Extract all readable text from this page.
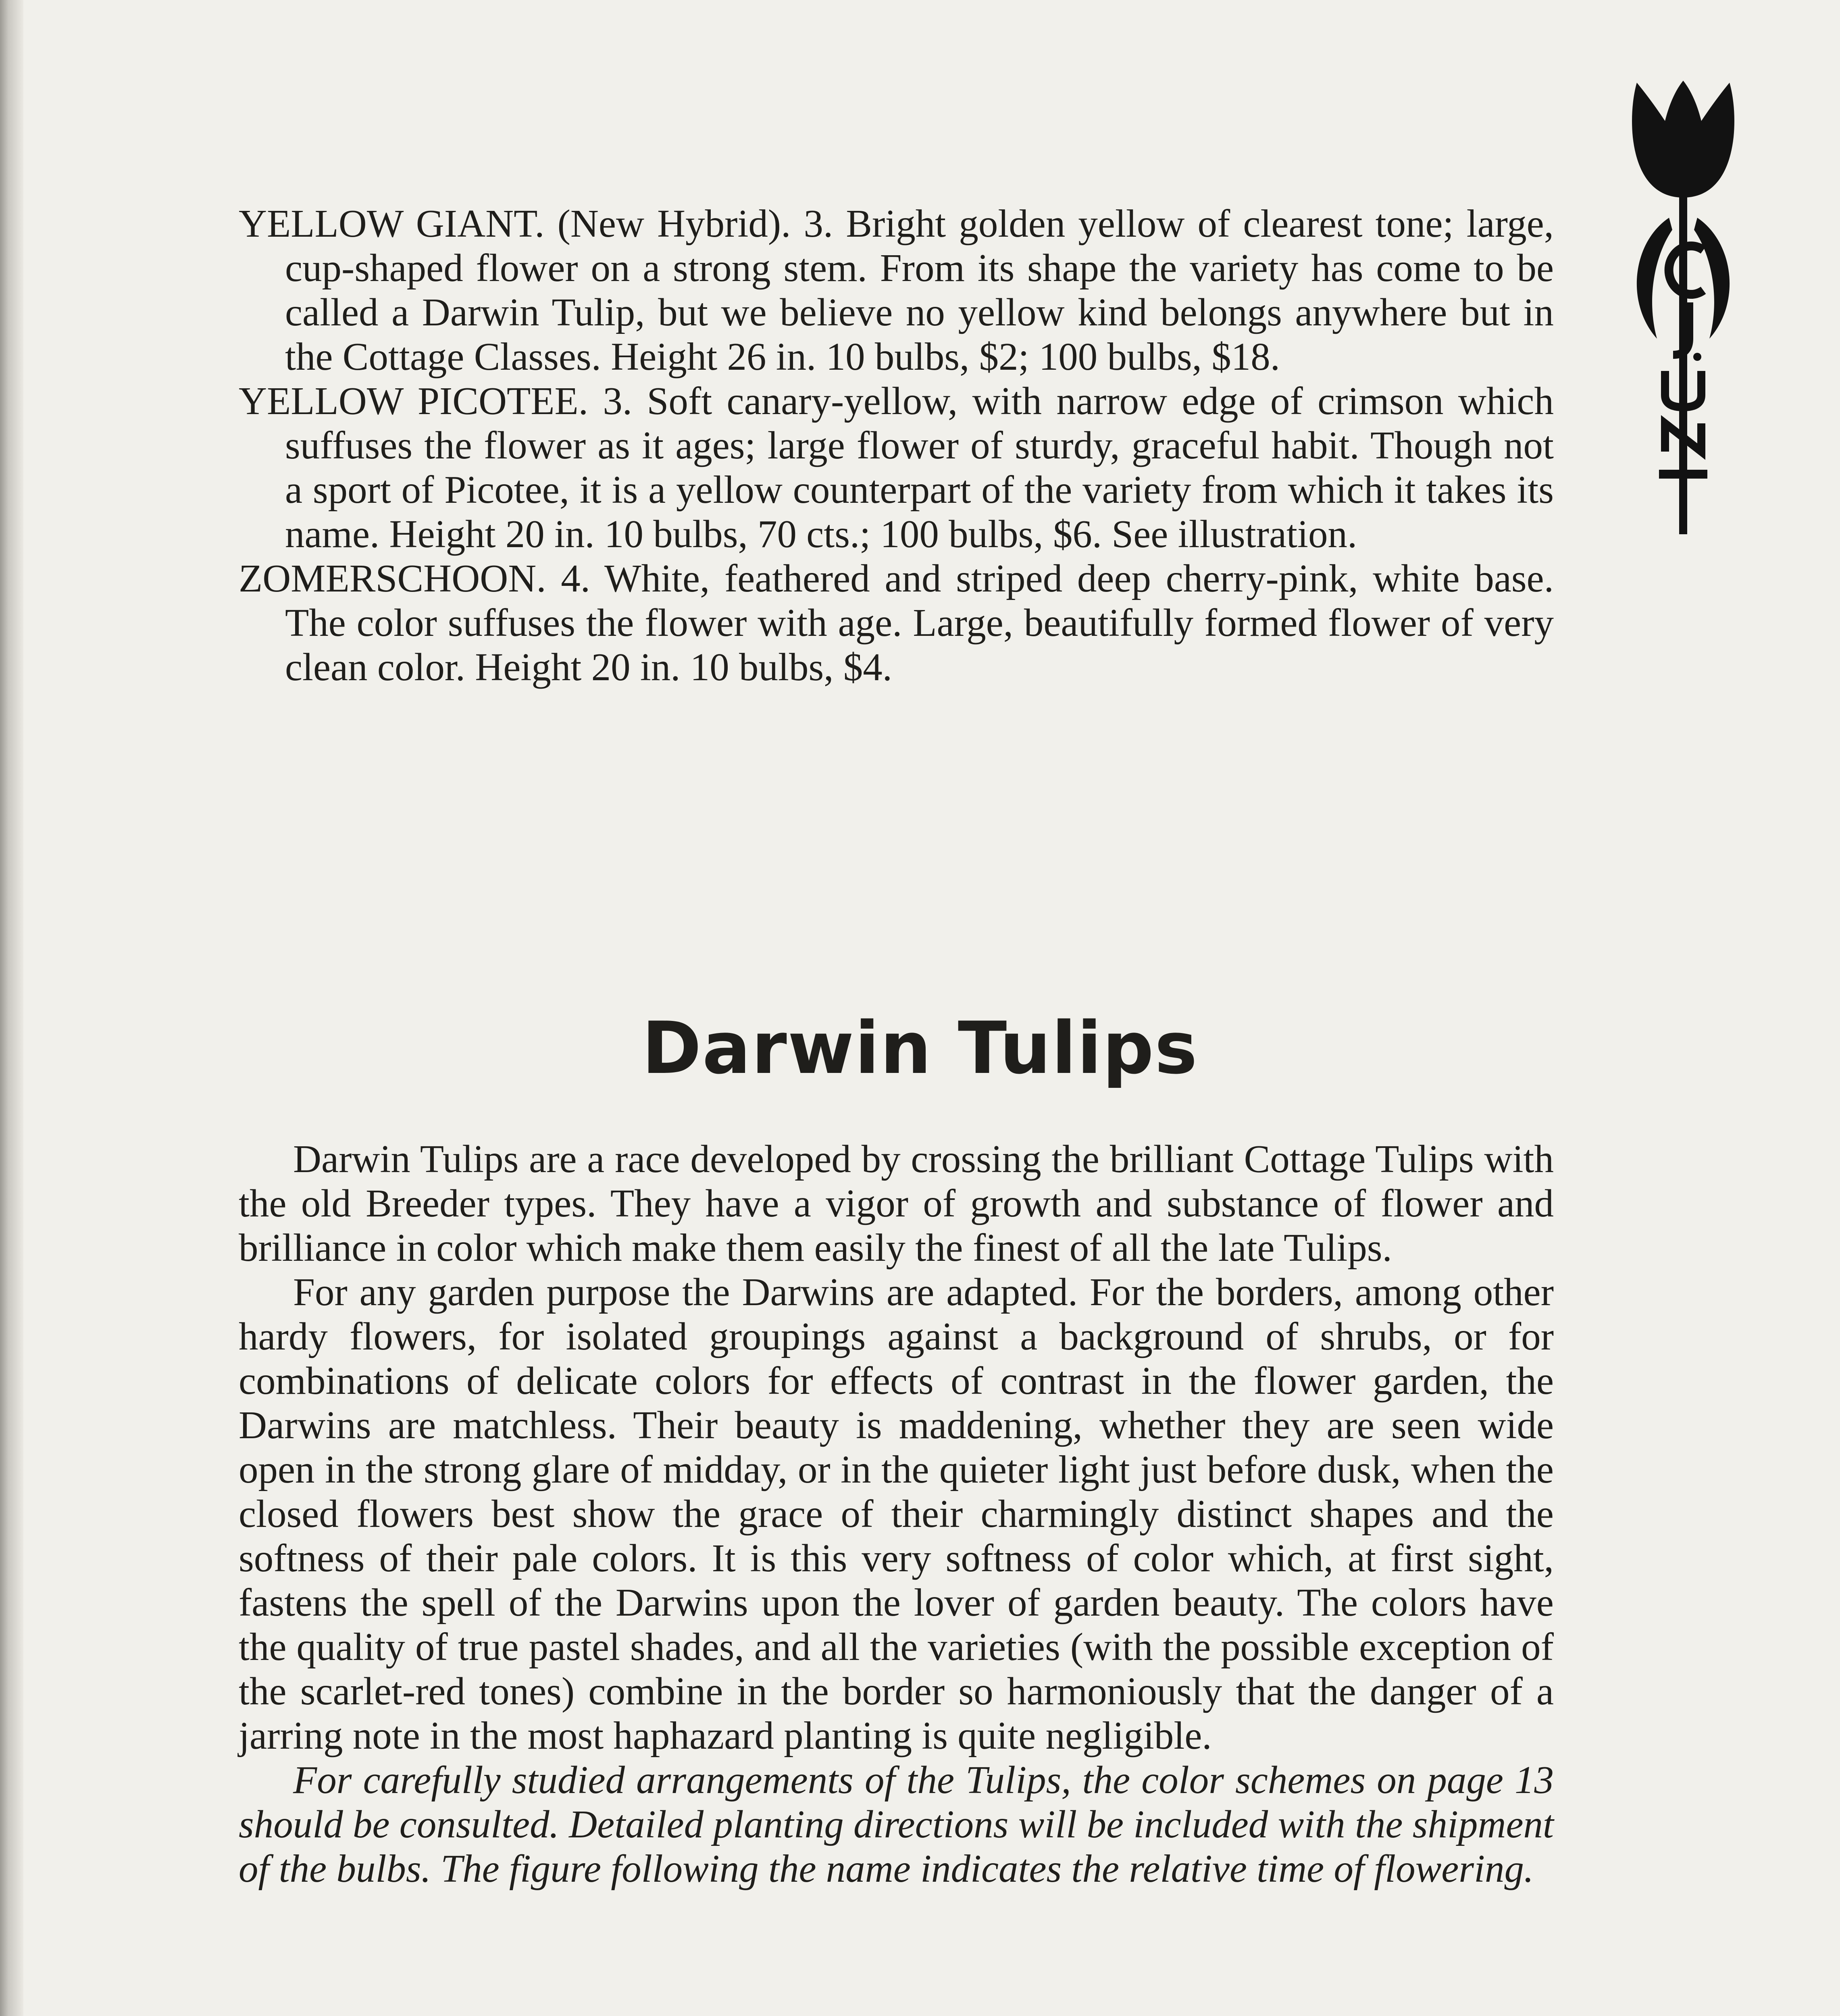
YELLOW GIANT. (New Hybrid). 3. Bright golden yellow of clearest tone; large, cup-shaped flower on a strong stem. From its shape the variety has come to be called a Darwin Tulip, but we believe no yellow kind belongs anywhere but in the Cottage Classes. Height 26 in. 10 bulbs, $2; 100 bulbs, $18.

YELLOW PICOTEE. 3. Soft canary-yellow, with narrow edge of crimson which suffuses the flower as it ages; large flower of sturdy, graceful habit. Though not a sport of Picotee, it is a yellow counterpart of the variety from which it takes its name. Height 20 in. 10 bulbs, 70 cts.; 100 bulbs, $6. See illustration.

ZOMERSCHOON. 4. White, feathered and striped deep cherry-pink, white base. The color suffuses the flower with age. Large, beautifully formed flower of very clean color. Height 20 in. 10 bulbs, $4.

Darwin Tulips

Darwin Tulips are a race developed by crossing the brilliant Cottage Tulips with the old Breeder types. They have a vigor of growth and substance of flower and brilliance in color which make them easily the finest of all the late Tulips.

For any garden purpose the Darwins are adapted. For the borders, among other hardy flowers, for isolated groupings against a background of shrubs, or for combinations of delicate colors for effects of contrast in the flower garden, the Darwins are matchless. Their beauty is maddening, whether they are seen wide open in the strong glare of midday, or in the quieter light just before dusk, when the closed flowers best show the grace of their charmingly distinct shapes and the softness of their pale colors. It is this very softness of color which, at first sight, fastens the spell of the Darwins upon the lover of garden beauty. The colors have the quality of true pastel shades, and all the varieties (with the possible exception of the scarlet-red tones) combine in the border so harmoniously that the danger of a jarring note in the most haphazard planting is quite negligible.

For carefully studied arrangements of the Tulips, the color schemes on page 13 should be consulted. Detailed planting directions will be included with the shipment of the bulbs. The figure following the name indicates the relative time of flowering.
